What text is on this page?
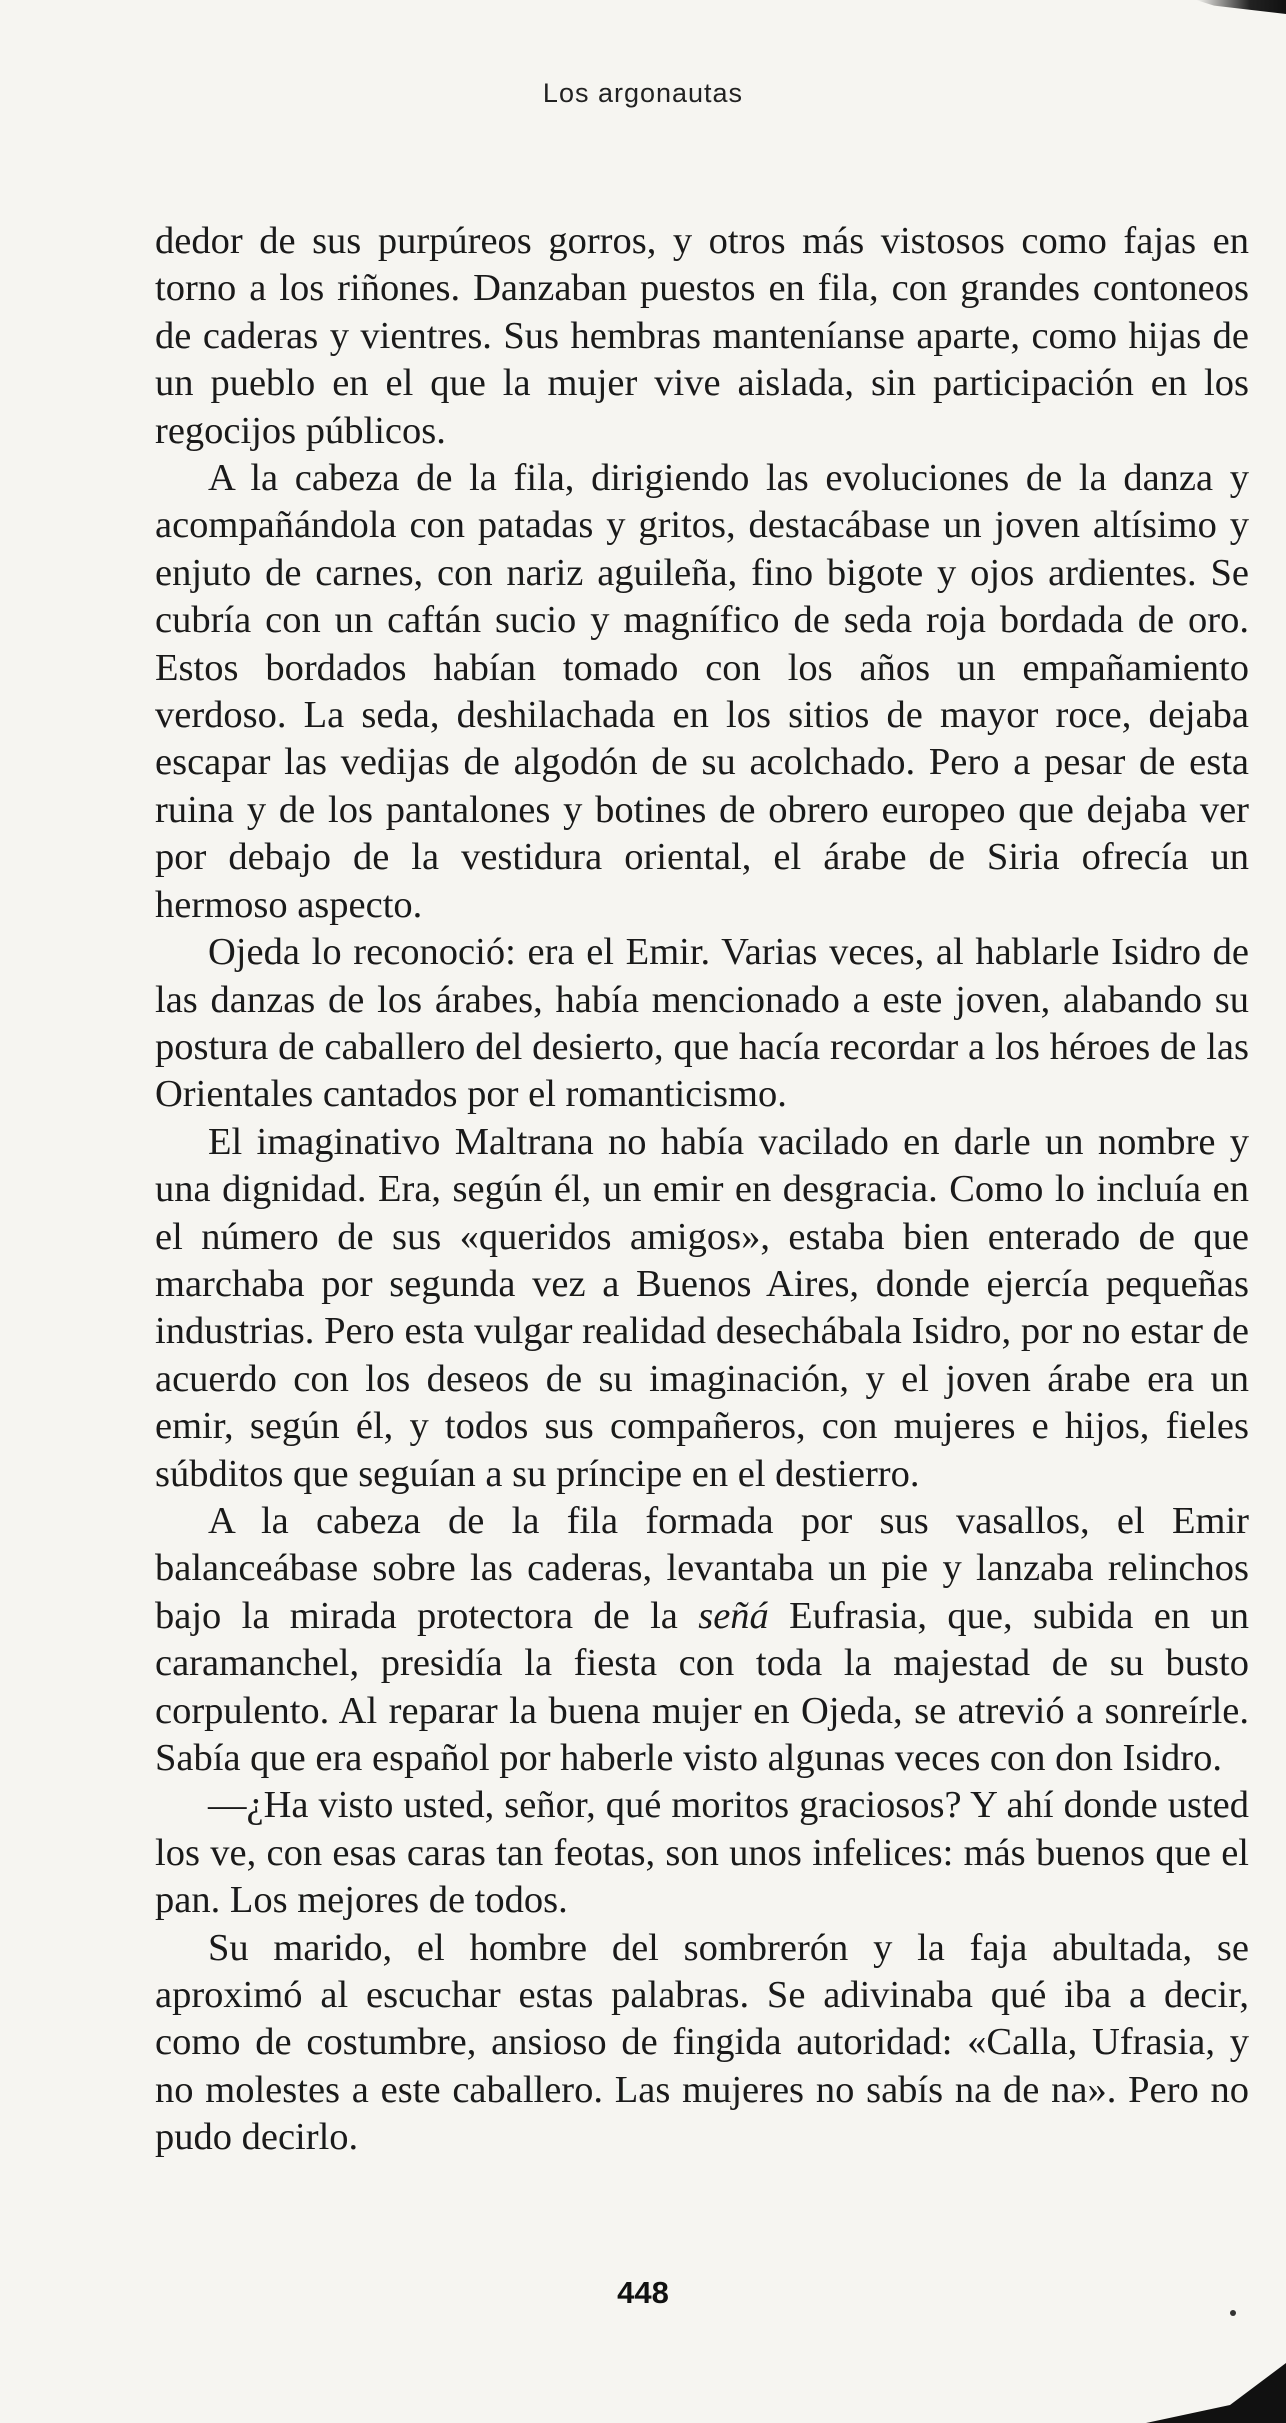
Los argonautas

dedor de sus purpúreos gorros, y otros más vistosos como fajas en torno a los riñones. Danzaban puestos en fila, con grandes contoneos de caderas y vientres. Sus hembras manteníanse aparte, como hijas de un pueblo en el que la mujer vive aislada, sin participación en los regocijos públicos.

A la cabeza de la fila, dirigiendo las evoluciones de la danza y acompañándola con patadas y gritos, destacábase un joven altísimo y enjuto de carnes, con nariz aguileña, fino bigote y ojos ardientes. Se cubría con un caftán sucio y magnífico de seda roja bordada de oro. Estos bordados habían tomado con los años un empañamiento verdoso. La seda, deshilachada en los sitios de mayor roce, dejaba escapar las vedijas de algodón de su acolchado. Pero a pesar de esta ruina y de los pantalones y botines de obrero europeo que dejaba ver por debajo de la vestidura oriental, el árabe de Siria ofrecía un hermoso aspecto.

Ojeda lo reconoció: era el Emir. Varias veces, al hablarle Isidro de las danzas de los árabes, había mencionado a este joven, alabando su postura de caballero del desierto, que hacía recordar a los héroes de las Orientales cantados por el romanticismo.

El imaginativo Maltrana no había vacilado en darle un nombre y una dignidad. Era, según él, un emir en desgracia. Como lo incluía en el número de sus «queridos amigos», estaba bien enterado de que marchaba por segunda vez a Buenos Aires, donde ejercía pequeñas industrias. Pero esta vulgar realidad desechábala Isidro, por no estar de acuerdo con los deseos de su imaginación, y el joven árabe era un emir, según él, y todos sus compañeros, con mujeres e hijos, fieles súbditos que seguían a su príncipe en el destierro.

A la cabeza de la fila formada por sus vasallos, el Emir balanceábase sobre las caderas, levantaba un pie y lanzaba relinchos bajo la mirada protectora de la señá Eufrasia, que, subida en un caramanchel, presidía la fiesta con toda la majestad de su busto corpulento. Al reparar la buena mujer en Ojeda, se atrevió a sonreírle. Sabía que era español por haberle visto algunas veces con don Isidro.

—¿Ha visto usted, señor, qué moritos graciosos? Y ahí donde usted los ve, con esas caras tan feotas, son unos infelices: más buenos que el pan. Los mejores de todos.

Su marido, el hombre del sombrerón y la faja abultada, se aproximó al escuchar estas palabras. Se adivinaba qué iba a decir, como de costumbre, ansioso de fingida autoridad: «Calla, Ufrasia, y no molestes a este caballero. Las mujeres no sabís na de na». Pero no pudo decirlo.

448
